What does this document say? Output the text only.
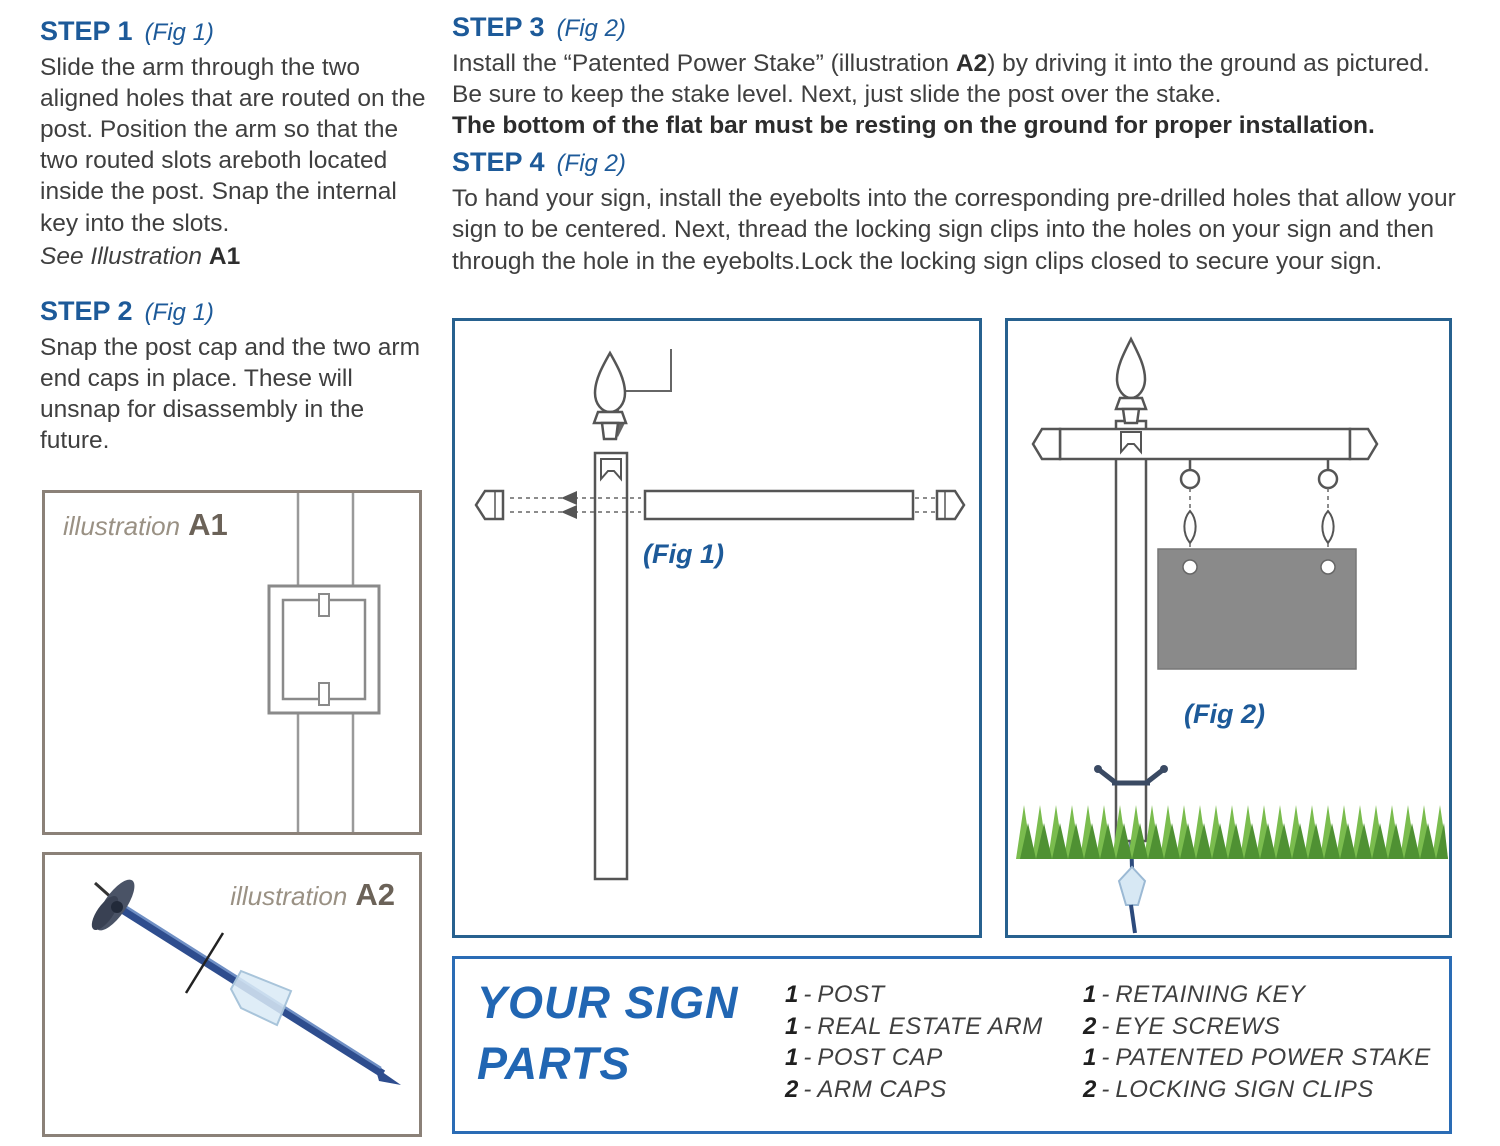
STEP 1 (Fig 1)

Slide the arm through the two aligned holes that are routed on the post. Position the arm so that the two routed slots areboth located inside the post. Snap the internal key into the slots.

See Illustration A1

STEP 2 (Fig 1)

Snap the post cap and the two arm end caps in place. These will unsnap for disassembly in the future.

STEP 3 (Fig 2)

Install the “Patented Power Stake” (illustration A2) by driving it into the ground as pictured. Be sure to keep the stake level. Next, just slide the post over the stake.
The bottom of the flat bar must be resting on the ground for proper installation.

STEP 4 (Fig 2)

To hand your sign, install the eyebolts into the corresponding pre-drilled holes that allow your sign to be centered. Next, thread the locking sign clips into the holes on your sign and then through the hole in the eyebolts.Lock the locking sign clips closed to secure your sign.

illustration A1
illustration A2
(Fig 1)
(Fig 2)
YOUR SIGN
PARTS
1 - POST
1 - REAL ESTATE ARM
1 - POST CAP
2 - ARM CAPS
1 - RETAINING KEY
2 - EYE SCREWS
1 - PATENTED POWER STAKE
2 - LOCKING SIGN CLIPS
